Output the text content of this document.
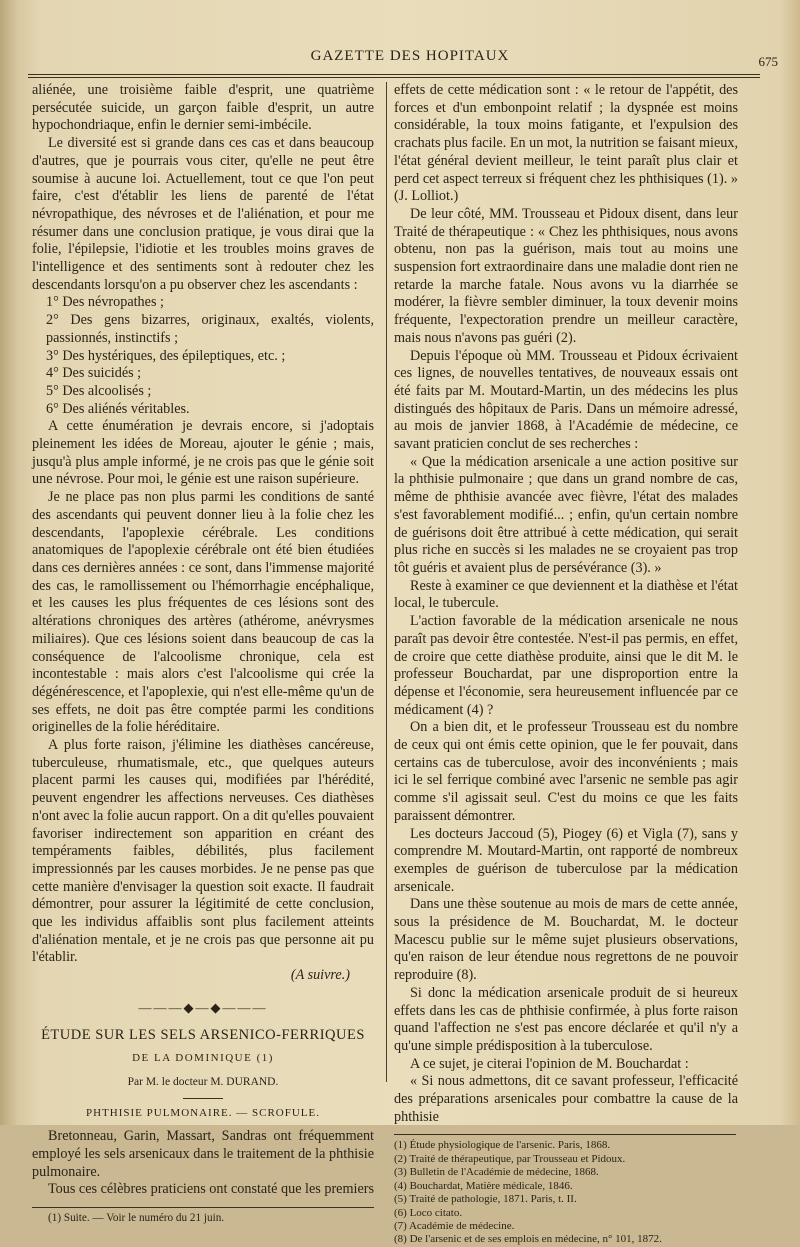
GAZETTE DES HOPITAUX	675

aliénée, une troisième faible d'esprit, une quatrième persécutée suicide, un garçon faible d'esprit, un autre hypochondriaque, enfin le dernier semi-imbécile.

Le diversité est si grande dans ces cas et dans beaucoup d'autres, que je pourrais vous citer, qu'elle ne peut être soumise à aucune loi. Actuellement, tout ce que l'on peut faire, c'est d'établir les liens de parenté de l'état névropathique, des névroses et de l'aliénation, et pour me résumer dans une conclusion pratique, je vous dirai que la folie, l'épilepsie, l'idiotie et les troubles moins graves de l'intelligence et des sentiments sont à redouter chez les descendants lorsqu'on a pu observer chez les ascendants :

1° Des névropathes ;

2° Des gens bizarres, originaux, exaltés, violents, passionnés, instinctifs ;

3° Des hystériques, des épileptiques, etc. ;

4° Des suicidés ;

5° Des alcoolisés ;

6° Des aliénés véritables.

A cette énumération je devrais encore, si j'adoptais pleinement les idées de Moreau, ajouter le génie ; mais, jusqu'à plus ample informé, je ne crois pas que le génie soit une névrose. Pour moi, le génie est une raison supérieure.

Je ne place pas non plus parmi les conditions de santé des ascendants qui peuvent donner lieu à la folie chez les descendants, l'apoplexie cérébrale. Les conditions anatomiques de l'apoplexie cérébrale ont été bien étudiées dans ces dernières années : ce sont, dans l'immense majorité des cas, le ramollissement ou l'hémorrhagie encéphalique, et les causes les plus fréquentes de ces lésions sont des altérations chroniques des artères (athérome, anévrysmes miliaires). Que ces lésions soient dans beaucoup de cas la conséquence de l'alcoolisme chronique, cela est incontestable : mais alors c'est l'alcoolisme qui crée la dégénérescence, et l'apoplexie, qui n'est elle-même qu'un de ses effets, ne doit pas être comptée parmi les conditions originelles de la folie héréditaire.

A plus forte raison, j'élimine les diathèses cancéreuse, tuberculeuse, rhumatismale, etc., que quelques auteurs placent parmi les causes qui, modifiées par l'hérédité, peuvent engendrer les affections nerveuses. Ces diathèses n'ont avec la folie aucun rapport. On a dit qu'elles pouvaient favoriser indirectement son apparition en créant des tempéraments faibles, débilités, plus facilement impressionnés par les causes morbides. Je ne pense pas que cette manière d'envisager la question soit exacte. Il faudrait démontrer, pour assurer la légitimité de cette conclusion, que les individus affaiblis sont plus facilement atteints d'aliénation mentale, et je ne crois pas que personne ait pu l'établir.

(A suivre.)

———◆—◆———
ÉTUDE SUR LES SELS ARSENICO-FERRIQUES
DE LA DOMINIQUE (1)
Par M. le docteur M. DURAND.
PHTHISIE PULMONAIRE. — SCROFULE.

Bretonneau, Garin, Massart, Sandras ont fréquemment employé les sels arsenicaux dans le traitement de la phthisie pulmonaire.

Tous ces célèbres praticiens ont constaté que les premiers

(1) Suite. — Voir le numéro du 21 juin.

effets de cette médication sont : « le retour de l'appétit, des forces et d'un embonpoint relatif ; la dyspnée est moins considérable, la toux moins fatigante, et l'expulsion des crachats plus facile. En un mot, la nutrition se faisant mieux, l'état général devient meilleur, le teint paraît plus clair et perd cet aspect terreux si fréquent chez les phthisiques (1). » (J. Lolliot.)

De leur côté, MM. Trousseau et Pidoux disent, dans leur Traité de thérapeutique : « Chez les phthisiques, nous avons obtenu, non pas la guérison, mais tout au moins une suspension fort extraordinaire dans une maladie dont rien ne retarde la marche fatale. Nous avons vu la diarrhée se modérer, la fièvre sembler diminuer, la toux devenir moins fréquente, l'expectoration prendre un meilleur caractère, mais nous n'avons pas guéri (2).

Depuis l'époque où MM. Trousseau et Pidoux écrivaient ces lignes, de nouvelles tentatives, de nouveaux essais ont été faits par M. Moutard-Martin, un des médecins les plus distingués des hôpitaux de Paris. Dans un mémoire adressé, au mois de janvier 1868, à l'Académie de médecine, ce savant praticien conclut de ses recherches :

« Que la médication arsenicale a une action positive sur la phthisie pulmonaire ; que dans un grand nombre de cas, même de phthisie avancée avec fièvre, l'état des malades s'est favorablement modifié... ; enfin, qu'un certain nombre de guérisons doit être attribué à cette médication, qui serait plus riche en succès si les malades ne se croyaient pas trop tôt guéris et avaient plus de persévérance (3). »

Reste à examiner ce que deviennent et la diathèse et l'état local, le tubercule.

L'action favorable de la médication arsenicale ne nous paraît pas devoir être contestée. N'est-il pas permis, en effet, de croire que cette diathèse produite, ainsi que le dit M. le professeur Bouchardat, par une disproportion entre la dépense et l'économie, sera heureusement influencée par ce médicament (4) ?

On a bien dit, et le professeur Trousseau est du nombre de ceux qui ont émis cette opinion, que le fer pouvait, dans certains cas de tuberculose, avoir des inconvénients ; mais ici le sel ferrique combiné avec l'arsenic ne semble pas agir comme s'il agissait seul. C'est du moins ce que les faits paraissent démontrer.

Les docteurs Jaccoud (5), Piogey (6) et Vigla (7), sans y comprendre M. Moutard-Martin, ont rapporté de nombreux exemples de guérison de tuberculose par la médication arsenicale.

Dans une thèse soutenue au mois de mars de cette année, sous la présidence de M. Bouchardat, M. le docteur Macescu publie sur le même sujet plusieurs observations, qu'en raison de leur étendue nous regrettons de ne pouvoir reproduire (8).

Si donc la médication arsenicale produit de si heureux effets dans les cas de phthisie confirmée, à plus forte raison quand l'affection ne s'est pas encore déclarée et qu'il n'y a qu'une simple prédisposition à la tuberculose.

A ce sujet, je citerai l'opinion de M. Bouchardat :

« Si nous admettons, dit ce savant professeur, l'efficacité des préparations arsenicales pour combattre la cause de la phthisie

(1) Étude physiologique de l'arsenic. Paris, 1868.
(2) Traité de thérapeutique, par Trousseau et Pidoux.
(3) Bulletin de l'Académie de médecine, 1868.
(4) Bouchardat, Matière médicale, 1846.
(5) Traité de pathologie, 1871. Paris, t. II.
(6) Loco citato.
(7) Académie de médecine.
(8) De l'arsenic et de ses emplois en médecine, n° 101, 1872.
